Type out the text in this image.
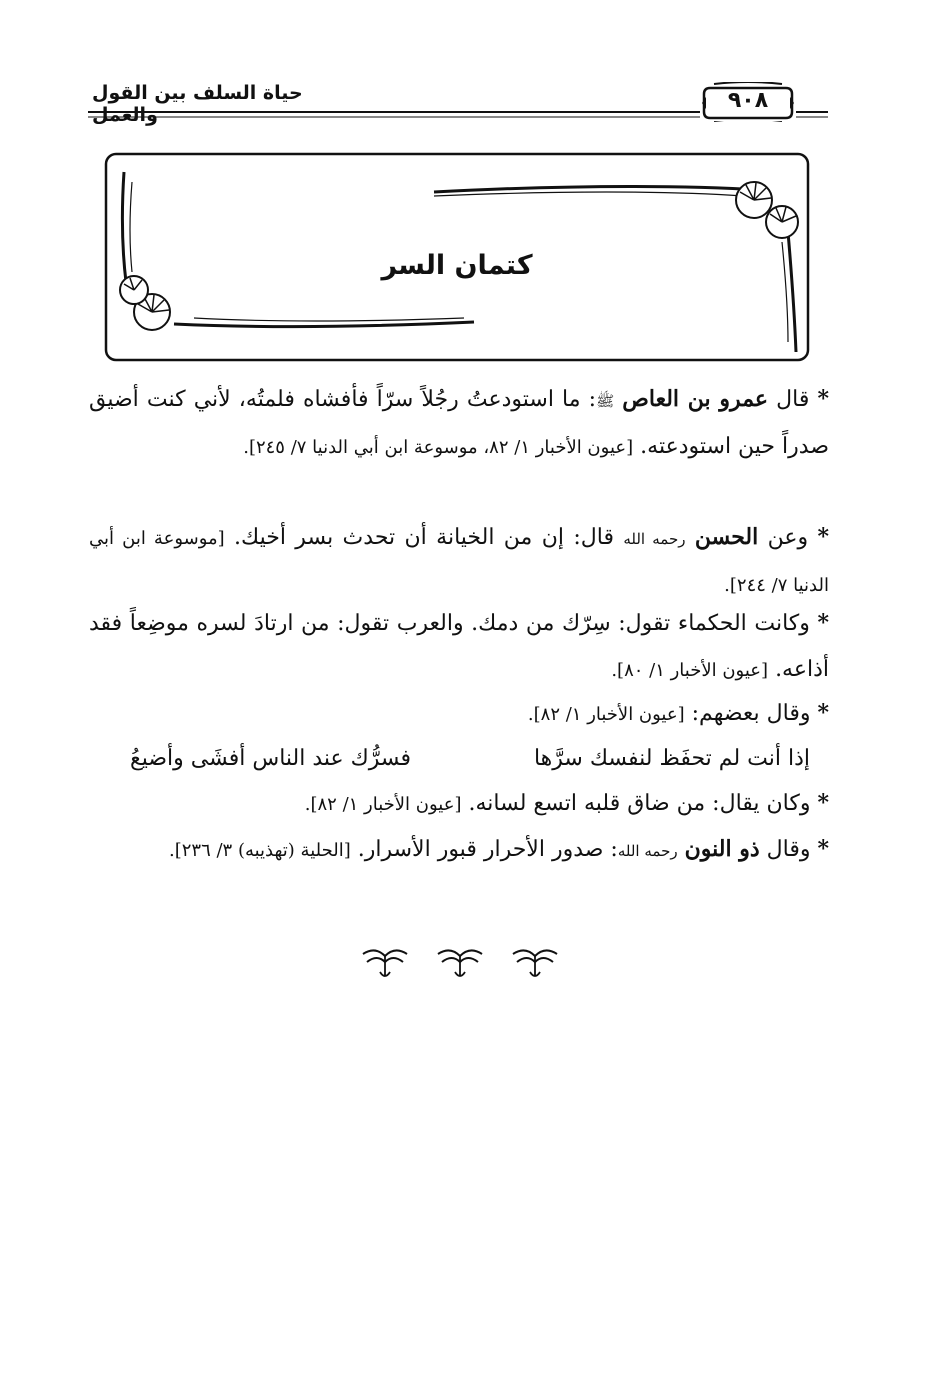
حياة السلف بين القول والعمل
٩٠٨
كتمان السر
* قال عمرو بن العاص ﷺ: ما استودعتُ رجُلاً سرّاً فأفشاه فلمتُه، لأني كنت أضيق صدراً حين استودعته. [عيون الأخبار ١/ ٨٢، موسوعة ابن أبي الدنيا ٧/ ٢٤٥].
* وعن الحسن رحمه الله قال: إن من الخيانة أن تحدث بسر أخيك. [موسوعة ابن أبي الدنيا ٧/ ٢٤٤].
* وكانت الحكماء تقول: سِرّك من دمك. والعرب تقول: من ارتادَ لسره موضِعاً فقد أذاعه. [عيون الأخبار ١/ ٨٠].
* وقال بعضهم: [عيون الأخبار ١/ ٨٢].
إذا أنت لم تحفَظ لنفسك سرَّها
فسرُّك عند الناس أفشَى وأضيعُ
* وكان يقال: من ضاق قلبه اتسع لسانه. [عيون الأخبار ١/ ٨٢].
* وقال ذو النون رحمه الله: صدور الأحرار قبور الأسرار. [الحلية (تهذيبه) ٣/ ٢٣٦].
